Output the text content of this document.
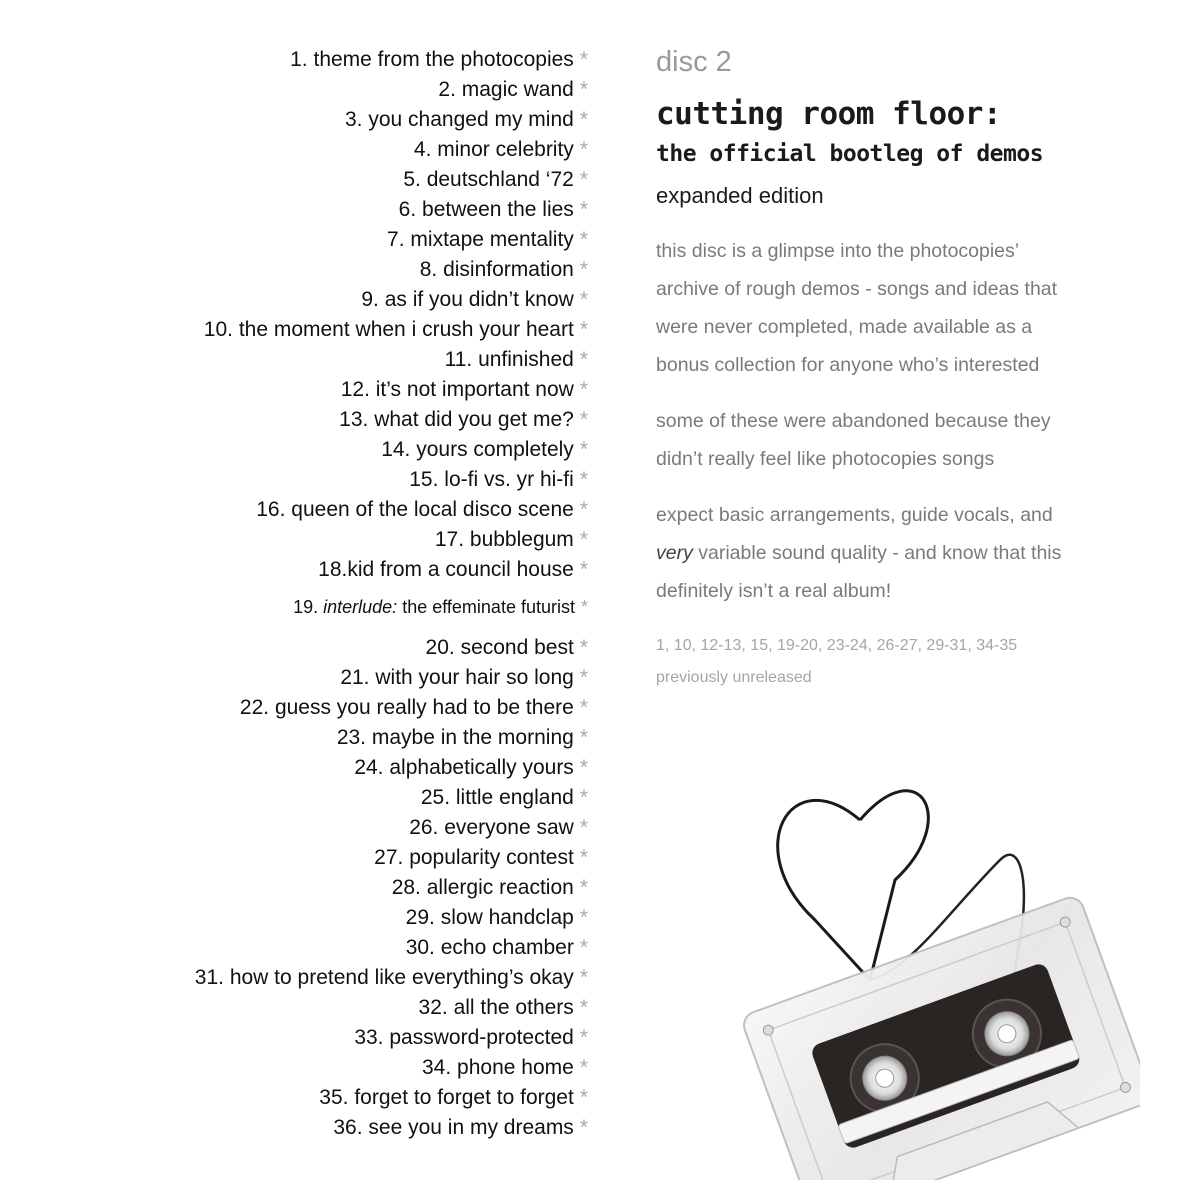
1. theme from the photocopies *
2. magic wand *
3. you changed my mind *
4. minor celebrity *
5. deutschland ‘72 *
6. between the lies *
7. mixtape mentality *
8. disinformation *
9. as if you didn’t know *
10. the moment when i crush your heart *
11. unfinished *
12. it’s not important now *
13. what did you get me? *
14. yours completely *
15. lo-fi vs. yr hi-fi *
16. queen of the local disco scene *
17. bubblegum *
18.kid from a council house *
19. interlude: the effeminate futurist *
20. second best *
21. with your hair so long *
22. guess you really had to be there *
23. maybe in the morning *
24. alphabetically yours *
25. little england *
26. everyone saw *
27. popularity contest *
28. allergic reaction *
29. slow handclap *
30. echo chamber *
31. how to pretend like everything’s okay *
32. all the others *
33. password-protected *
34. phone home *
35. forget to forget to forget *
36. see you in my dreams *

disc 2

cutting room floor:
the official bootleg of demos

expanded edition

this disc is a glimpse into the photocopies’
archive of rough demos - songs and ideas that
were never completed, made available as a
bonus collection for anyone who’s interested

some of these were abandoned because they
didn’t really feel like photocopies songs

expect basic arrangements, guide vocals, and
very variable sound quality - and know that this
definitely isn’t a real album!

1, 10, 12-13, 15, 19-20, 23-24, 26-27, 29-31, 34-35
previously unreleased
